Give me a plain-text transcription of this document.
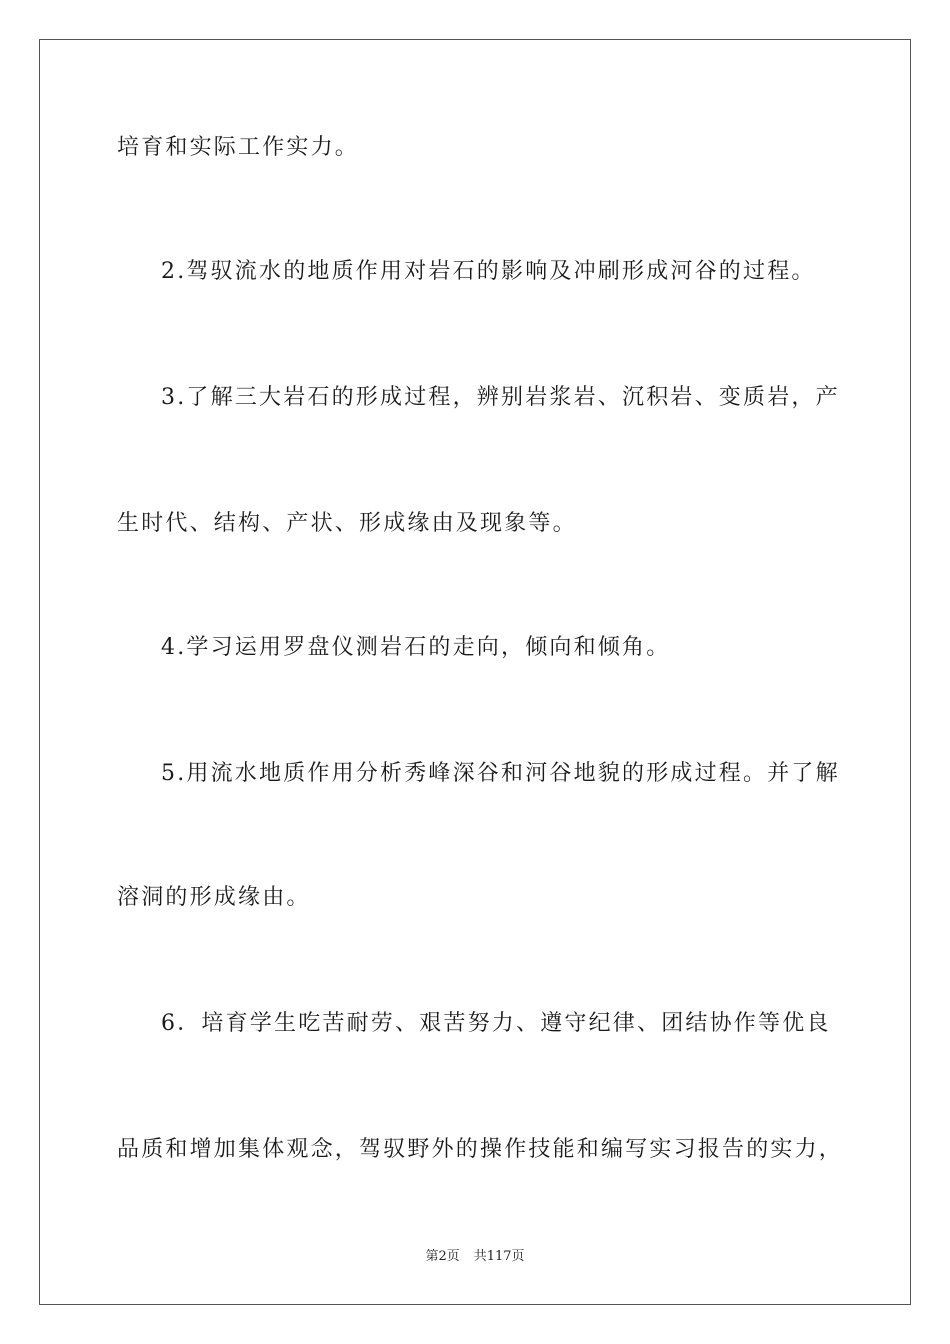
培育和实际工作实力。
2.驾驭流水的地质作用对岩石的影响及冲刷形成河谷的过程。
3.了解三大岩石的形成过程，辨别岩浆岩、沉积岩、变质岩，产
生时代、结构、产状、形成缘由及现象等。
4.学习运用罗盘仪测岩石的走向，倾向和倾角。
5.用流水地质作用分析秀峰深谷和河谷地貌的形成过程。并了解
溶洞的形成缘由。
6．培育学生吃苦耐劳、艰苦努力、遵守纪律、团结协作等优良
品质和增加集体观念，驾驭野外的操作技能和编写实习报告的实力，
第2页 共117页
